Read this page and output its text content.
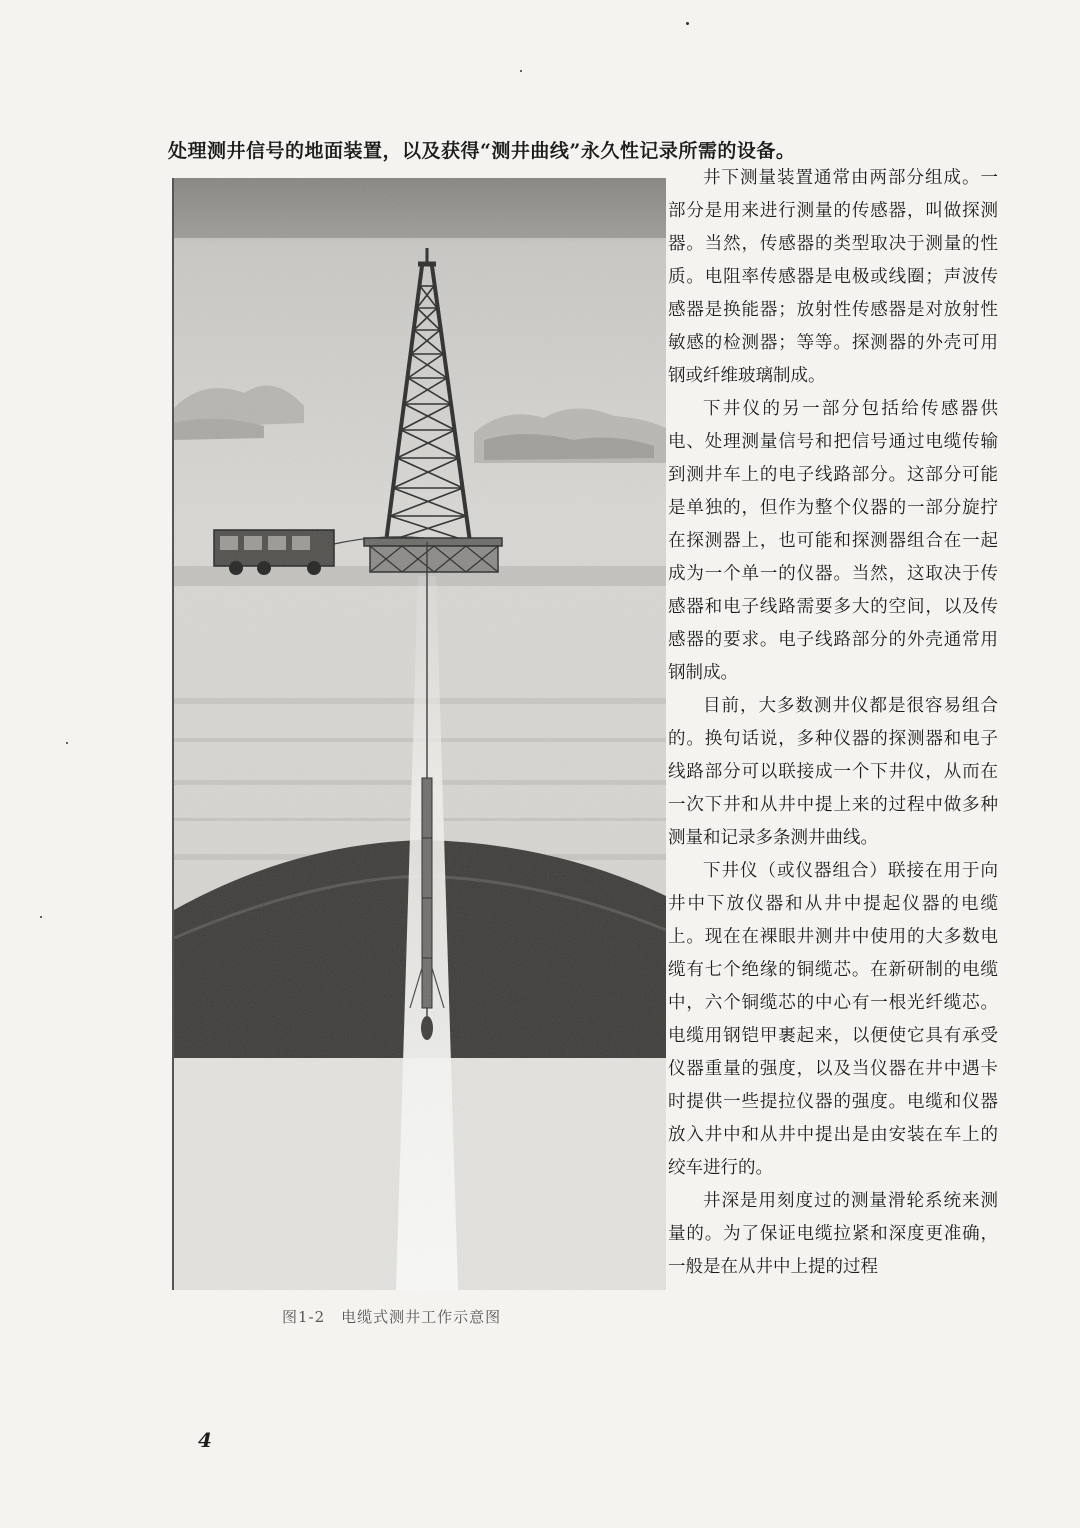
处理测井信号的地面装置，以及获得“测井曲线”永久性记录所需的设备。
图1-2　电缆式测井工作示意图

井下测量装置通常由两部分组成。一部分是用来进行测量的传感器，叫做探测器。当然，传感器的类型取决于测量的性质。电阻率传感器是电极或线圈；声波传感器是换能器；放射性传感器是对放射性敏感的检测器；等等。探测器的外壳可用钢或纤维玻璃制成。

下井仪的另一部分包括给传感器供电、处理测量信号和把信号通过电缆传输到测井车上的电子线路部分。这部分可能是单独的，但作为整个仪器的一部分旋拧在探测器上，也可能和探测器组合在一起成为一个单一的仪器。当然，这取决于传感器和电子线路需要多大的空间，以及传感器的要求。电子线路部分的外壳通常用钢制成。

目前，大多数测井仪都是很容易组合的。换句话说，多种仪器的探测器和电子线路部分可以联接成一个下井仪，从而在一次下井和从井中提上来的过程中做多种测量和记录多条测井曲线。

下井仪（或仪器组合）联接在用于向井中下放仪器和从井中提起仪器的电缆上。现在在裸眼井测井中使用的大多数电缆有七个绝缘的铜缆芯。在新研制的电缆中，六个铜缆芯的中心有一根光纤缆芯。电缆用钢铠甲裹起来，以便使它具有承受仪器重量的强度，以及当仪器在井中遇卡时提供一些提拉仪器的强度。电缆和仪器放入井中和从井中提出是由安装在车上的绞车进行的。

井深是用刻度过的测量滑轮系统来测量的。为了保证电缆拉紧和深度更准确，一般是在从井中上提的过程

4
